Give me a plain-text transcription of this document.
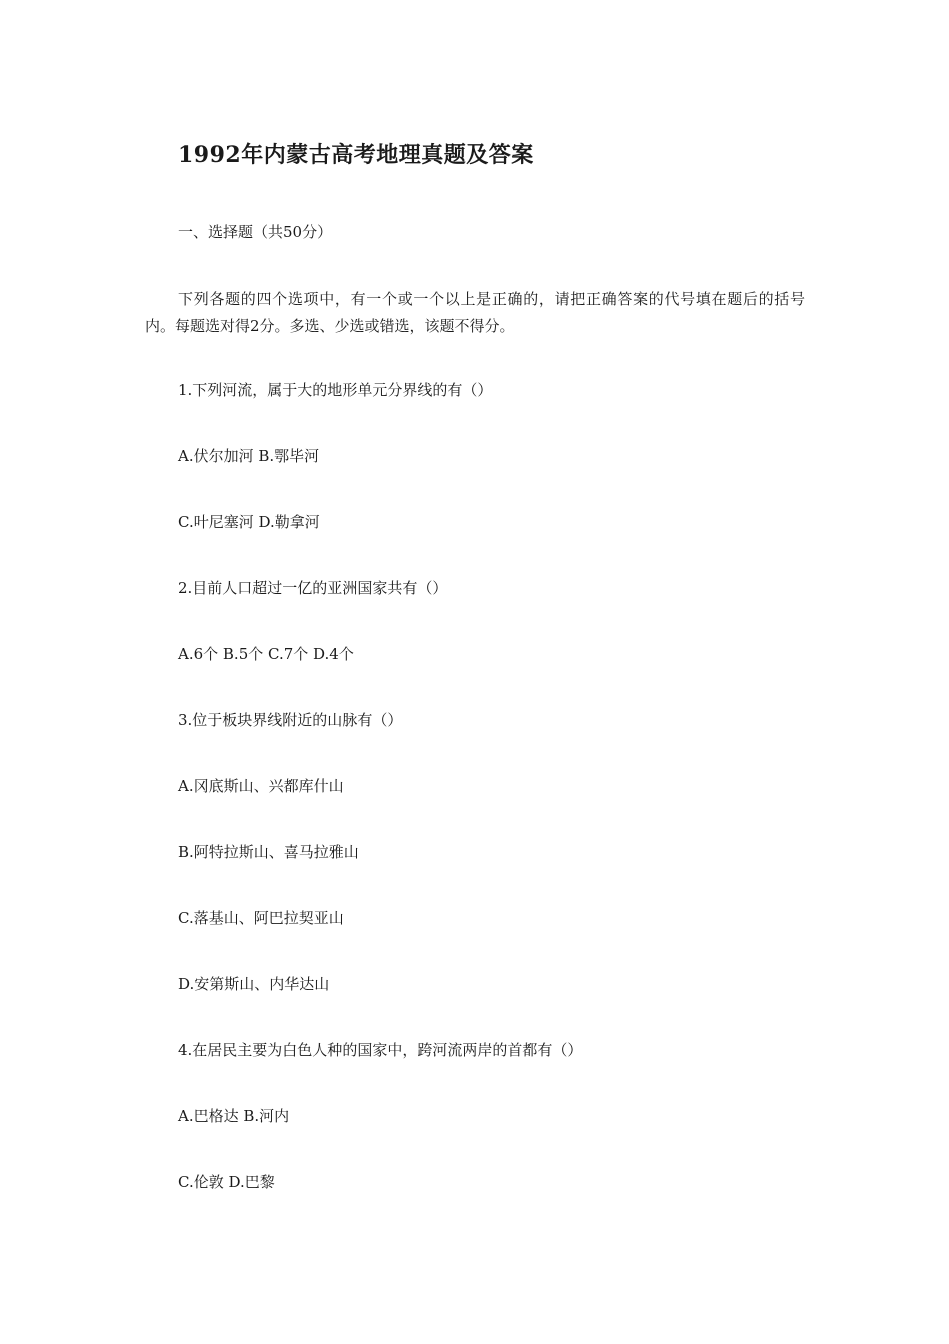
1992年内蒙古高考地理真题及答案

一、选择题（共50分）

下列各题的四个选项中，有一个或一个以上是正确的，请把正确答案的代号填在题后的括号内。每题选对得2分。多选、少选或错选，该题不得分。

1.下列河流，属于大的地形单元分界线的有（）

A.伏尔加河 B.鄂毕河

C.叶尼塞河 D.勒拿河

2.目前人口超过一亿的亚洲国家共有（）

A.6个 B.5个 C.7个 D.4个

3.位于板块界线附近的山脉有（）

A.冈底斯山、兴都库什山

B.阿特拉斯山、喜马拉雅山

C.落基山、阿巴拉契亚山

D.安第斯山、内华达山

4.在居民主要为白色人种的国家中，跨河流两岸的首都有（）

A.巴格达 B.河内

C.伦敦 D.巴黎
